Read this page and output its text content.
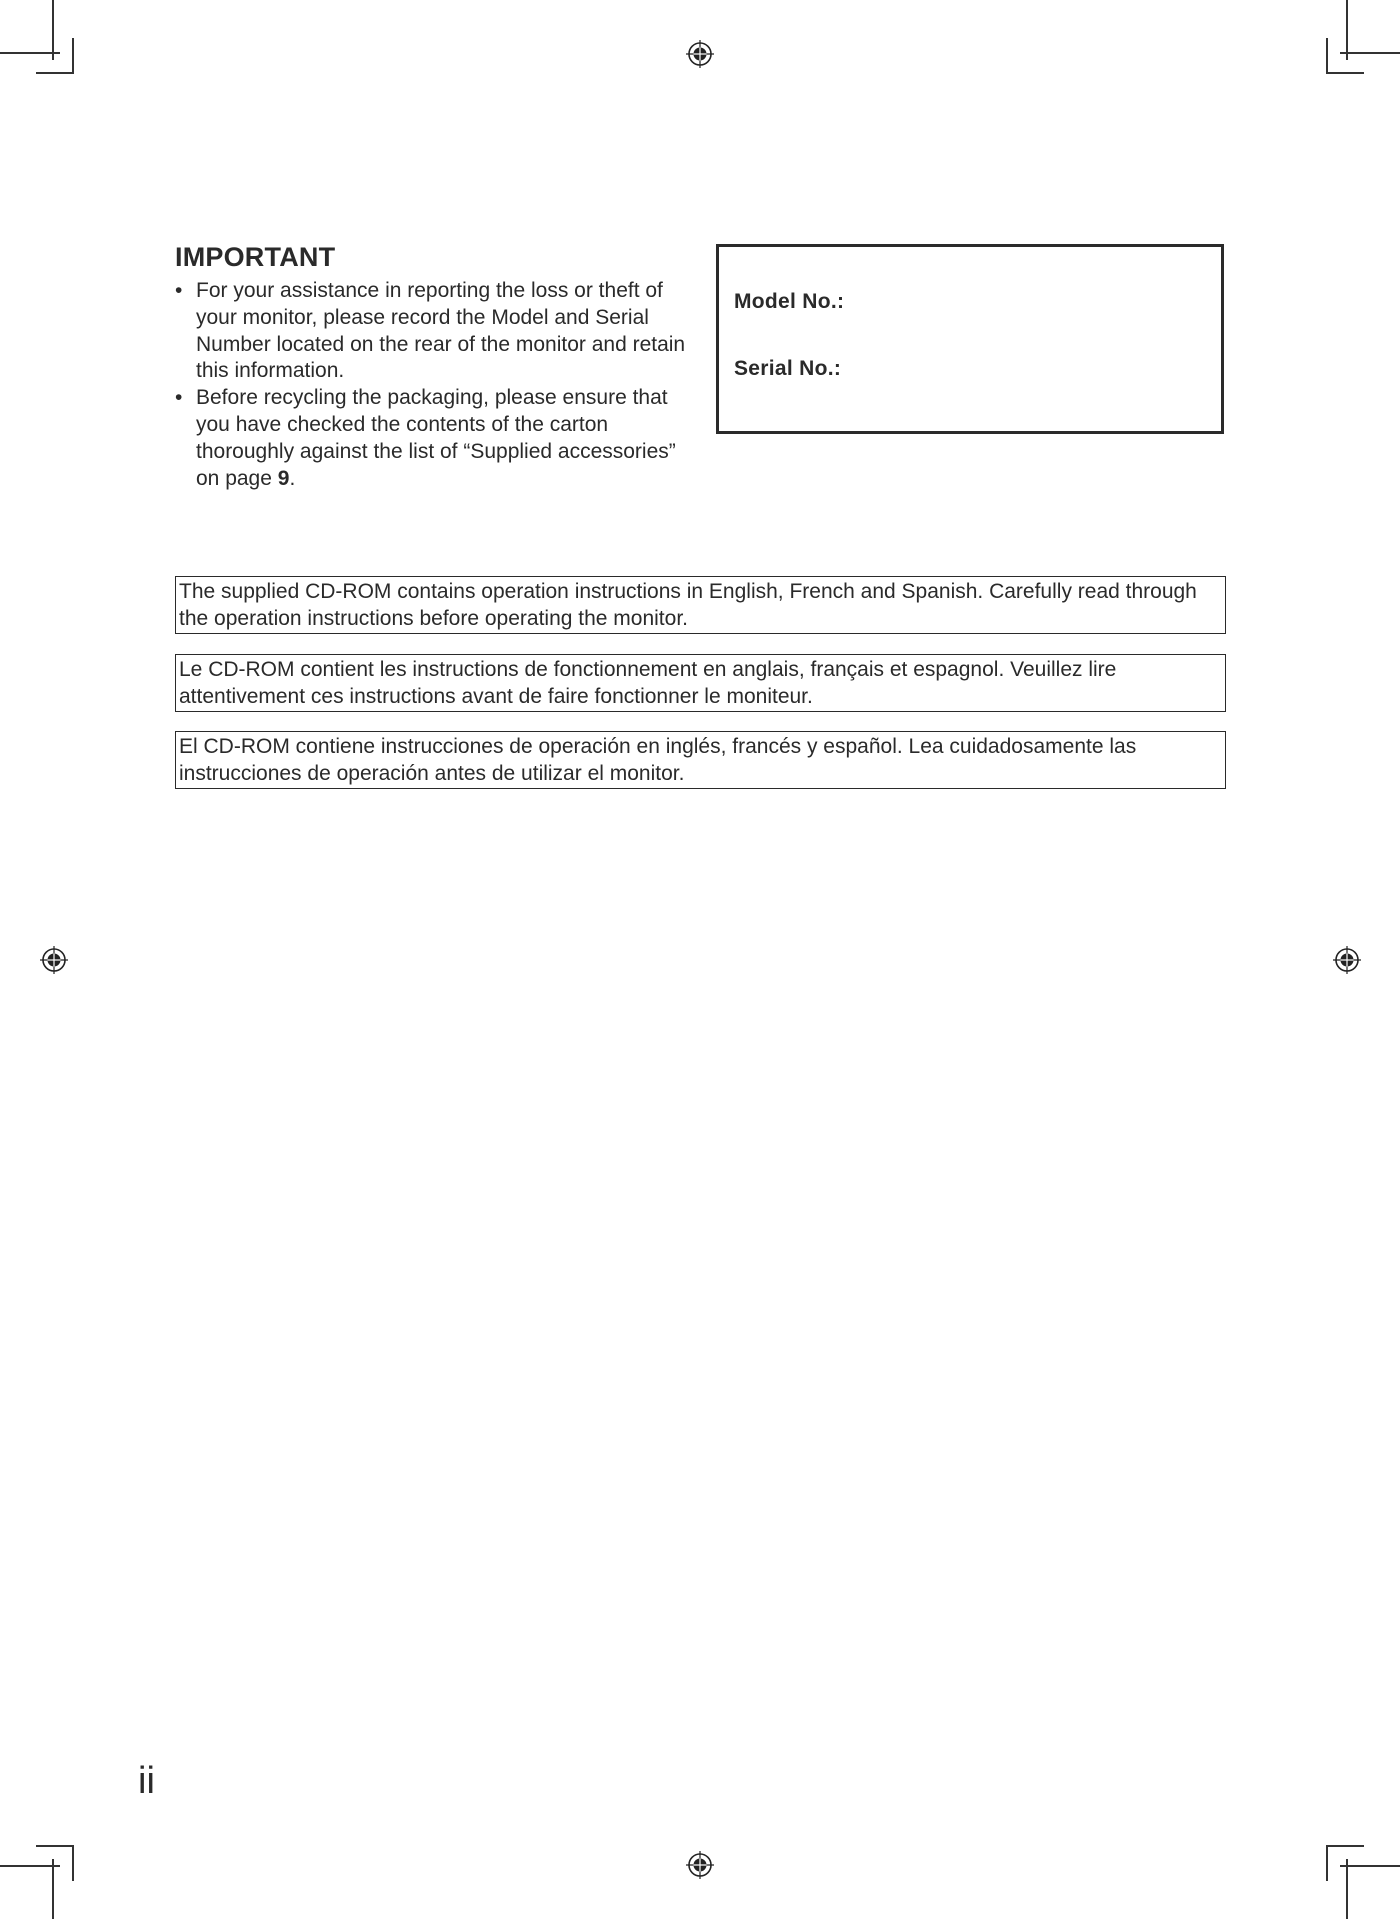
IMPORTANT
• For your assistance in reporting the loss or theft of your monitor, please record the Model and Serial Number located on the rear of the monitor and retain this information.
• Before recycling the packaging, please ensure that you have checked the contents of the carton thoroughly against the list of “Supplied accessories” on page 9.
Model No.:
Serial No.:
The supplied CD-ROM contains operation instructions in English, French and Spanish. Carefully read through the operation instructions before operating the monitor.
Le CD-ROM contient les instructions de fonctionnement en anglais, français et espagnol. Veuillez lire attentivement ces instructions avant de faire fonctionner le moniteur.
El CD-ROM contiene instrucciones de operación en inglés, francés y español. Lea cuidadosamente las instrucciones de operación antes de utilizar el monitor.
ii
